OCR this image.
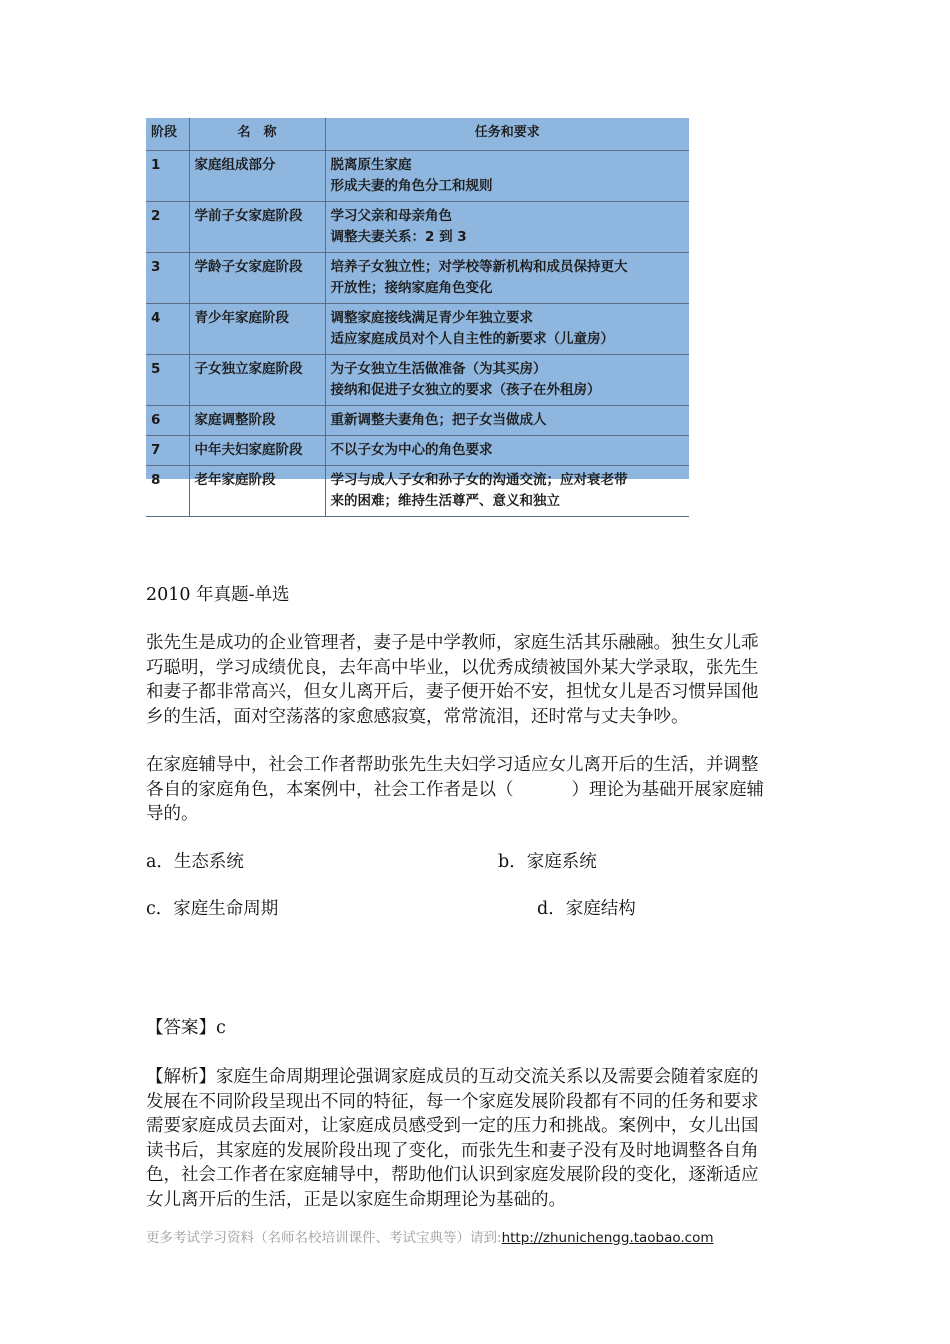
阶段	名　称	任务和要求
1	家庭组成部分	脱离原生家庭
形成夫妻的角色分工和规则

2	学前子女家庭阶段	学习父亲和母亲角色
调整夫妻关系：2 到 3

3	学龄子女家庭阶段	培养子女独立性；对学校等新机构和成员保持更大
开放性；接纳家庭角色变化

4	青少年家庭阶段	调整家庭接线满足青少年独立要求
适应家庭成员对个人自主性的新要求（儿童房）

5	子女独立家庭阶段	为子女独立生活做准备（为其买房）
接纳和促进子女独立的要求（孩子在外租房）

6	家庭调整阶段	重新调整夫妻角色；把子女当做成人

7	中年夫妇家庭阶段	不以子女为中心的角色要求

8	老年家庭阶段	学习与成人子女和孙子女的沟通交流；应对衰老带
来的困难；维持生活尊严、意义和独立

2010 年真题-单选

张先生是成功的企业管理者，妻子是中学教师，家庭生活其乐融融。独生女儿乖
巧聪明，学习成绩优良，去年高中毕业，以优秀成绩被国外某大学录取，张先生
和妻子都非常高兴，但女儿离开后，妻子便开始不安，担忧女儿是否习惯异国他
乡的生活，面对空荡落的家愈感寂寞，常常流泪，还时常与丈夫争吵。
在家庭辅导中，社会工作者帮助张先生夫妇学习适应女儿离开后的生活，并调整
各自的家庭角色，本案例中，社会工作者是以（	）理论为基础开展家庭辅
导的。

a．生态系统	b．家庭系统

c．家庭生命周期	d．家庭结构

【答案】c

【解析】家庭生命周期理论强调家庭成员的互动交流关系以及需要会随着家庭的
发展在不同阶段呈现出不同的特征，每一个家庭发展阶段都有不同的任务和要求
需要家庭成员去面对，让家庭成员感受到一定的压力和挑战。案例中，女儿出国
读书后，其家庭的发展阶段出现了变化，而张先生和妻子没有及时地调整各自角
色，社会工作者在家庭辅导中，帮助他们认识到家庭发展阶段的变化，逐渐适应
女儿离开后的生活，正是以家庭生命期理论为基础的。
更多考试学习资料（名师名校培训课件、考试宝典等）请到:http://zhunichengg.taobao.com
